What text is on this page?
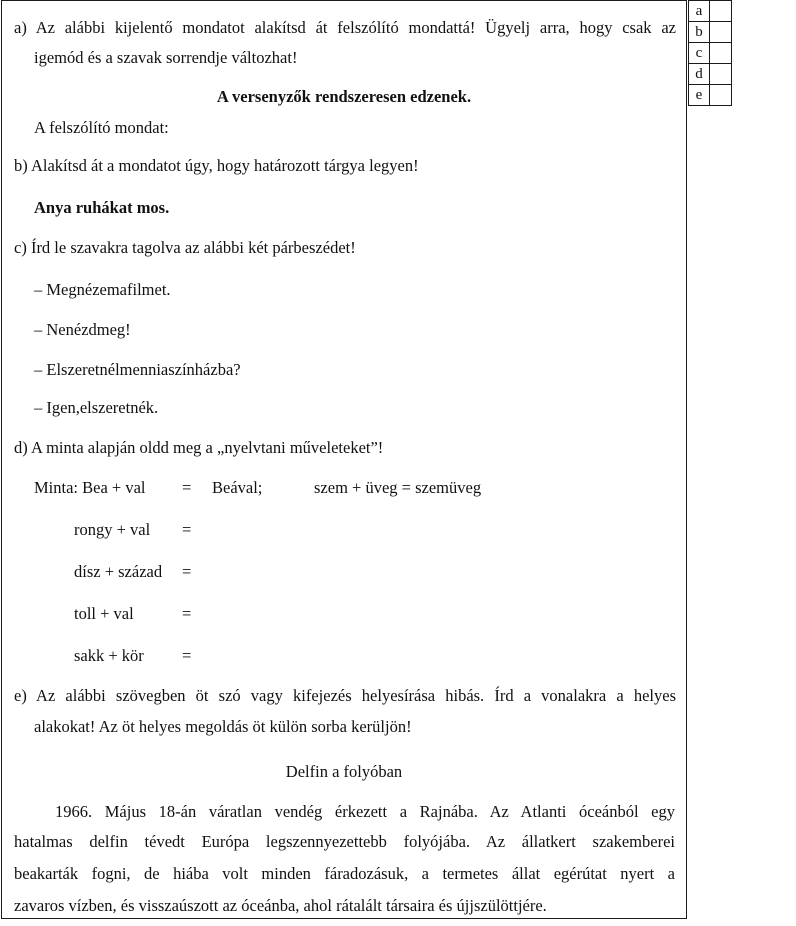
a	
b	
c	
d	
e	
a) Az alábbi kijelentő mondatot alakítsd át felszólító mondattá! Ügyelj arra, hogy csak az
igemód és a szavak sorrendje változhat!
A versenyzők rendszeresen edzenek.
A felszólító mondat:
b) Alakítsd át a mondatot úgy, hogy határozott tárgya legyen!
Anya ruhákat mos.
c) Írd le szavakra tagolva az alábbi két párbeszédet!
– Megnézemafilmet.
– Nenézdmeg!
– Elszeretnélmenniaszínházba?
– Igen,elszeretnék.
d) A minta alapján oldd meg a „nyelvtani műveleteket”!
Minta: Bea + val = Beával;	szem + üveg = szemüveg
rongy + val =
dísz + század =
toll + val	=
sakk + kör =
e) Az alábbi szövegben öt szó vagy kifejezés helyesírása hibás. Írd a vonalakra a helyes
alakokat! Az öt helyes megoldás öt külön sorba kerüljön!
Delfin a folyóban
1966. Május 18-án váratlan vendég érkezett a Rajnába. Az Atlanti óceánból egy
hatalmas delfin tévedt Európa legszennyezettebb folyójába. Az állatkert szakemberei
beakarták fogni, de hiába volt minden fáradozásuk, a termetes állat egérútat nyert a
zavaros vízben, és visszaúszott az óceánba, ahol rátalált társaira és újjszülöttjére.
